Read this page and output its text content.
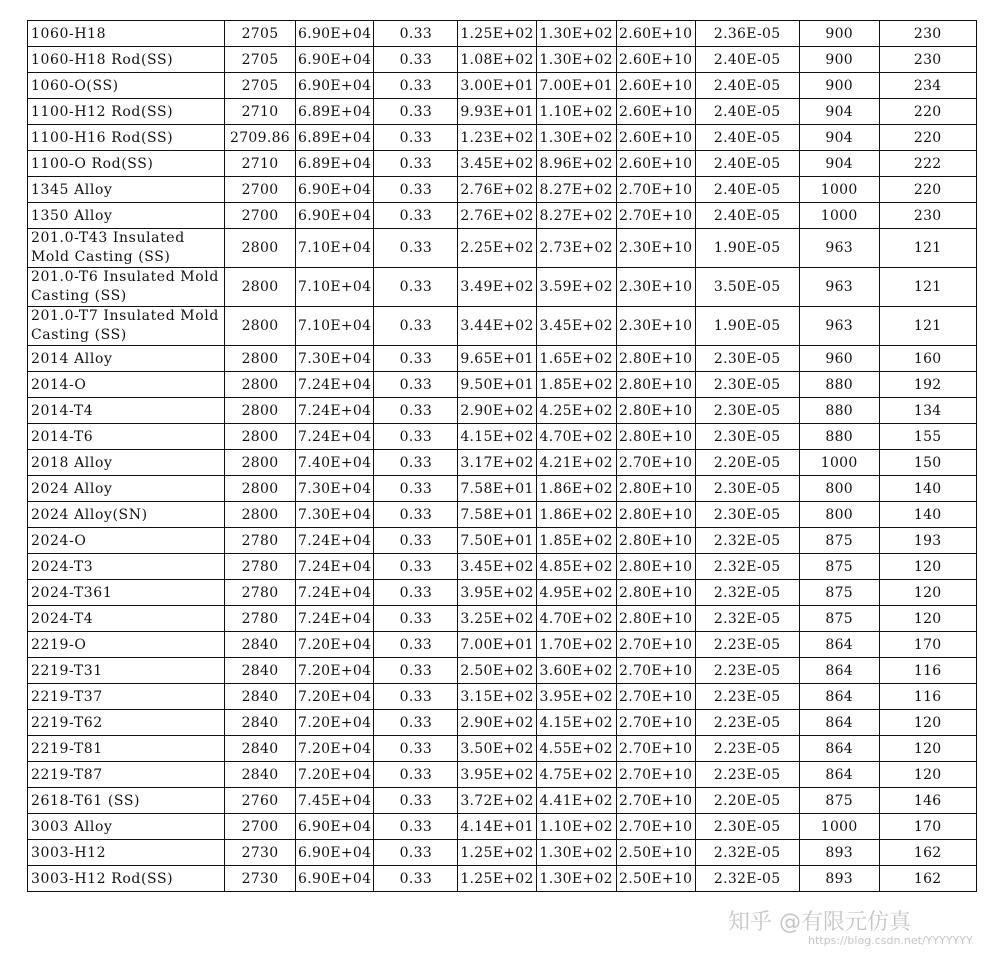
1060-H18	2705	6.90E+04	0.33	1.25E+02	1.30E+02	2.60E+10	2.36E-05	900	230
1060-H18 Rod(SS)	2705	6.90E+04	0.33	1.08E+02	1.30E+02	2.60E+10	2.40E-05	900	230
1060-O(SS)	2705	6.90E+04	0.33	3.00E+01	7.00E+01	2.60E+10	2.40E-05	900	234
1100-H12 Rod(SS)	2710	6.89E+04	0.33	9.93E+01	1.10E+02	2.60E+10	2.40E-05	904	220
1100-H16 Rod(SS)	2709.86	6.89E+04	0.33	1.23E+02	1.30E+02	2.60E+10	2.40E-05	904	220
1100-O Rod(SS)	2710	6.89E+04	0.33	3.45E+02	8.96E+02	2.60E+10	2.40E-05	904	222
1345 Alloy	2700	6.90E+04	0.33	2.76E+02	8.27E+02	2.70E+10	2.40E-05	1000	220
1350 Alloy	2700	6.90E+04	0.33	2.76E+02	8.27E+02	2.70E+10	2.40E-05	1000	230
201.0-T43 Insulated Mold Casting (SS)	2800	7.10E+04	0.33	2.25E+02	2.73E+02	2.30E+10	1.90E-05	963	121
201.0-T6 Insulated Mold Casting (SS)	2800	7.10E+04	0.33	3.49E+02	3.59E+02	2.30E+10	3.50E-05	963	121
201.0-T7 Insulated Mold Casting (SS)	2800	7.10E+04	0.33	3.44E+02	3.45E+02	2.30E+10	1.90E-05	963	121
2014 Alloy	2800	7.30E+04	0.33	9.65E+01	1.65E+02	2.80E+10	2.30E-05	960	160
2014-O	2800	7.24E+04	0.33	9.50E+01	1.85E+02	2.80E+10	2.30E-05	880	192
2014-T4	2800	7.24E+04	0.33	2.90E+02	4.25E+02	2.80E+10	2.30E-05	880	134
2014-T6	2800	7.24E+04	0.33	4.15E+02	4.70E+02	2.80E+10	2.30E-05	880	155
2018 Alloy	2800	7.40E+04	0.33	3.17E+02	4.21E+02	2.70E+10	2.20E-05	1000	150
2024 Alloy	2800	7.30E+04	0.33	7.58E+01	1.86E+02	2.80E+10	2.30E-05	800	140
2024 Alloy(SN)	2800	7.30E+04	0.33	7.58E+01	1.86E+02	2.80E+10	2.30E-05	800	140
2024-O	2780	7.24E+04	0.33	7.50E+01	1.85E+02	2.80E+10	2.32E-05	875	193
2024-T3	2780	7.24E+04	0.33	3.45E+02	4.85E+02	2.80E+10	2.32E-05	875	120
2024-T361	2780	7.24E+04	0.33	3.95E+02	4.95E+02	2.80E+10	2.32E-05	875	120
2024-T4	2780	7.24E+04	0.33	3.25E+02	4.70E+02	2.80E+10	2.32E-05	875	120
2219-O	2840	7.20E+04	0.33	7.00E+01	1.70E+02	2.70E+10	2.23E-05	864	170
2219-T31	2840	7.20E+04	0.33	2.50E+02	3.60E+02	2.70E+10	2.23E-05	864	116
2219-T37	2840	7.20E+04	0.33	3.15E+02	3.95E+02	2.70E+10	2.23E-05	864	116
2219-T62	2840	7.20E+04	0.33	2.90E+02	4.15E+02	2.70E+10	2.23E-05	864	120
2219-T81	2840	7.20E+04	0.33	3.50E+02	4.55E+02	2.70E+10	2.23E-05	864	120
2219-T87	2840	7.20E+04	0.33	3.95E+02	4.75E+02	2.70E+10	2.23E-05	864	120
2618-T61 (SS)	2760	7.45E+04	0.33	3.72E+02	4.41E+02	2.70E+10	2.20E-05	875	146
3003 Alloy	2700	6.90E+04	0.33	4.14E+01	1.10E+02	2.70E+10	2.30E-05	1000	170
3003-H12	2730	6.90E+04	0.33	1.25E+02	1.30E+02	2.50E+10	2.32E-05	893	162
3003-H12 Rod(SS)	2730	6.90E+04	0.33	1.25E+02	1.30E+02	2.50E+10	2.32E-05	893	162
知乎 @有限元仿真
https://blog.csdn.net/YYYYYYY
